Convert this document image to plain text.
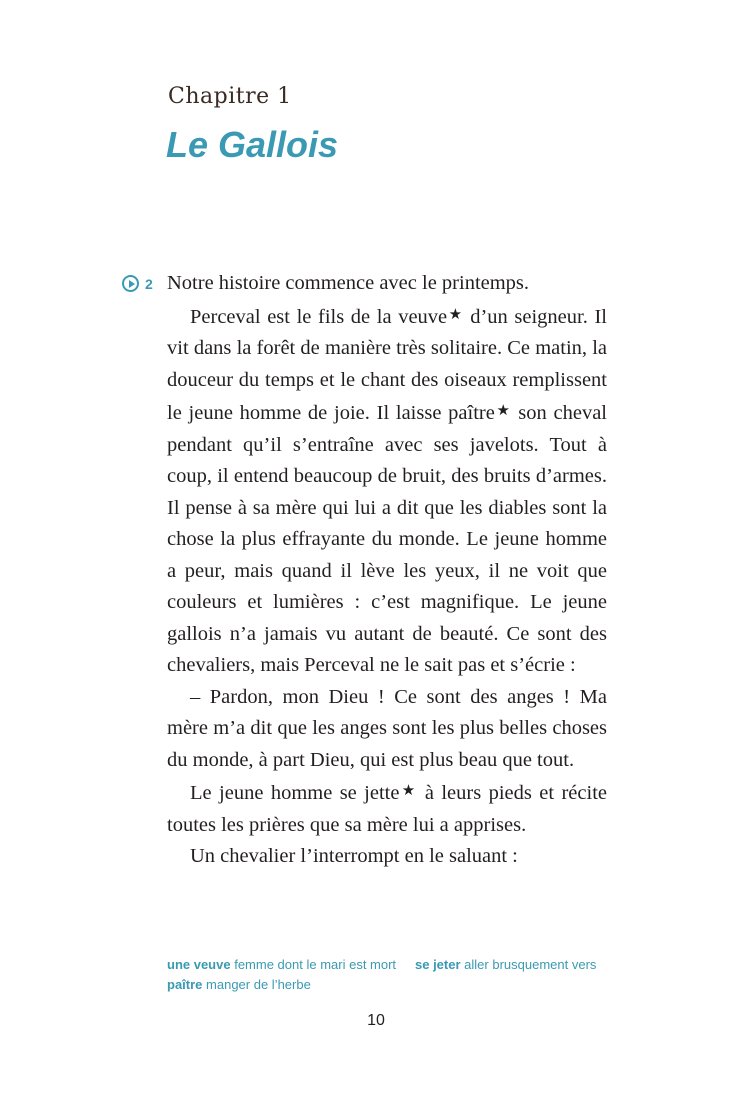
Chapitre 1
Le Gallois
2 Notre histoire commence avec le printemps.

Perceval est le fils de la veuve★ d’un seigneur. Il vit dans la forêt de manière très solitaire. Ce matin, la douceur du temps et le chant des oiseaux remplissent le jeune homme de joie. Il laisse paître★ son cheval pendant qu’il s’entraîne avec ses javelots. Tout à coup, il entend beaucoup de bruit, des bruits d’armes. Il pense à sa mère qui lui a dit que les diables sont la chose la plus effrayante du monde. Le jeune homme a peur, mais quand il lève les yeux, il ne voit que couleurs et lumières : c’est magnifique. Le jeune gallois n’a jamais vu autant de beauté. Ce sont des chevaliers, mais Perceval ne le sait pas et s’écrie :

– Pardon, mon Dieu ! Ce sont des anges ! Ma mère m’a dit que les anges sont les plus belles choses du monde, à part Dieu, qui est plus beau que tout.

Le jeune homme se jette★ à leurs pieds et récite toutes les prières que sa mère lui a apprises.

Un chevalier l’interrompt en le saluant :

une veuve femme dont le mari est mort	se jeter aller brusquement vers
paître manger de l’herbe
10
